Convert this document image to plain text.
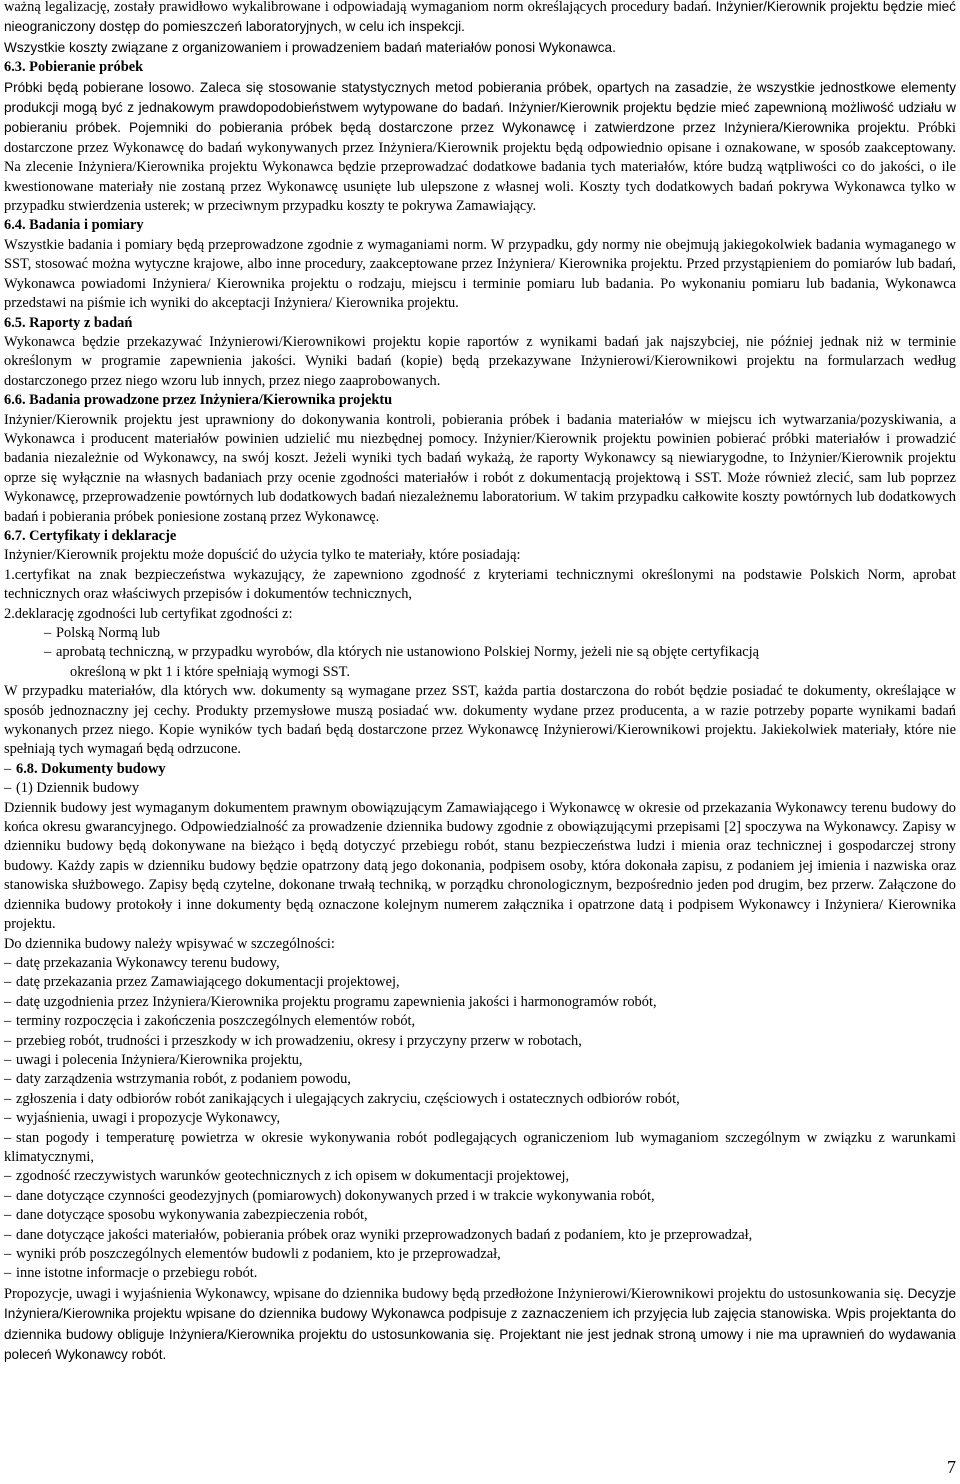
ważną legalizację, zostały prawidłowo wykalibrowane i odpowiadają wymaganiom norm określających procedury badań. Inżynier/Kierownik projektu będzie mieć nieograniczony dostęp do pomieszczeń laboratoryjnych, w celu ich inspekcji.
Wszystkie koszty związane z organizowaniem i prowadzeniem badań materiałów ponosi Wykonawca.

6.3. Pobieranie próbek

Próbki będą pobierane losowo. Zaleca się stosowanie statystycznych metod pobierania próbek, opartych na zasadzie, że wszystkie jednostkowe elementy produkcji mogą być z jednakowym prawdopodobieństwem wytypowane do badań. Inżynier/Kierownik projektu będzie mieć zapewnioną możliwość udziału w pobieraniu próbek. Pojemniki do pobierania próbek będą dostarczone przez Wykonawcę i zatwierdzone przez Inżyniera/Kierownika projektu. Próbki dostarczone przez Wykonawcę do badań wykonywanych przez Inżyniera/Kierownik projektu będą odpowiednio opisane i oznakowane, w sposób zaakceptowany. Na zlecenie Inżyniera/Kierownika projektu Wykonawca będzie przeprowadzać dodatkowe badania tych materiałów, które budzą wątpliwości co do jakości, o ile kwestionowane materiały nie zostaną przez Wykonawcę usunięte lub ulepszone z własnej woli. Koszty tych dodatkowych badań pokrywa Wykonawca tylko w przypadku stwierdzenia usterek; w przeciwnym przypadku koszty te pokrywa Zamawiający.

6.4. Badania i pomiary

Wszystkie badania i pomiary będą przeprowadzone zgodnie z wymaganiami norm. W przypadku, gdy normy nie obejmują jakiegokolwiek badania wymaganego w SST, stosować można wytyczne krajowe, albo inne procedury, zaakceptowane przez Inżyniera/ Kierownika projektu. Przed przystąpieniem do pomiarów lub badań, Wykonawca powiadomi Inżyniera/ Kierownika projektu o rodzaju, miejscu i terminie pomiaru lub badania. Po wykonaniu pomiaru lub badania, Wykonawca przedstawi na piśmie ich wyniki do akceptacji Inżyniera/ Kierownika projektu.

6.5. Raporty z badań

Wykonawca będzie przekazywać Inżynierowi/Kierownikowi projektu kopie raportów z wynikami badań jak najszybciej, nie później jednak niż w terminie określonym w programie zapewnienia jakości. Wyniki badań (kopie) będą przekazywane Inżynierowi/Kierownikowi projektu na formularzach według dostarczonego przez niego wzoru lub innych, przez niego zaaprobowanych.

6.6. Badania prowadzone przez Inżyniera/Kierownika projektu

Inżynier/Kierownik projektu jest uprawniony do dokonywania kontroli, pobierania próbek i badania materiałów w miejscu ich wytwarzania/pozyskiwania, a Wykonawca i producent materiałów powinien udzielić mu niezbędnej pomocy. Inżynier/Kierownik projektu powinien pobierać próbki materiałów i prowadzić badania niezależnie od Wykonawcy, na swój koszt. Jeżeli wyniki tych badań wykażą, że raporty Wykonawcy są niewiarygodne, to Inżynier/Kierownik projektu oprze się wyłącznie na własnych badaniach przy ocenie zgodności materiałów i robót z dokumentacją projektową i SST. Może również zlecić, sam lub poprzez Wykonawcę, przeprowadzenie powtórnych lub dodatkowych badań niezależnemu laboratorium. W takim przypadku całkowite koszty powtórnych lub dodatkowych badań i pobierania próbek poniesione zostaną przez Wykonawcę.

6.7. Certyfikaty i deklaracje

Inżynier/Kierownik projektu może dopuścić do użycia tylko te materiały, które posiadają:

1.certyfikat na znak bezpieczeństwa wykazujący, że zapewniono zgodność z kryteriami technicznymi określonymi na podstawie Polskich Norm, aprobat technicznych oraz właściwych przepisów i dokumentów technicznych,

2.deklarację zgodności lub certyfikat zgodności z:

– Polską Normą lub

– aprobatą techniczną, w przypadku wyrobów, dla których nie ustanowiono Polskiej Normy, jeżeli nie są objęte certyfikacją

określoną w pkt 1 i które spełniają wymogi SST.

W przypadku materiałów, dla których ww. dokumenty są wymagane przez SST, każda partia dostarczona do robót będzie posiadać te dokumenty, określające w sposób jednoznaczny jej cechy. Produkty przemysłowe muszą posiadać ww. dokumenty wydane przez producenta, a w razie potrzeby poparte wynikami badań wykonanych przez niego. Kopie wyników tych badań będą dostarczone przez Wykonawcę Inżynierowi/Kierownikowi projektu. Jakiekolwiek materiały, które nie spełniają tych wymagań będą odrzucone.

– 6.8. Dokumenty budowy

– (1) Dziennik budowy

Dziennik budowy jest wymaganym dokumentem prawnym obowiązującym Zamawiającego i Wykonawcę w okresie od przekazania Wykonawcy terenu budowy do końca okresu gwarancyjnego. Odpowiedzialność za prowadzenie dziennika budowy zgodnie z obowiązującymi przepisami [2] spoczywa na Wykonawcy. Zapisy w dzienniku budowy będą dokonywane na bieżąco i będą dotyczyć przebiegu robót, stanu bezpieczeństwa ludzi i mienia oraz technicznej i gospodarczej strony budowy. Każdy zapis w dzienniku budowy będzie opatrzony datą jego dokonania, podpisem osoby, która dokonała zapisu, z podaniem jej imienia i nazwiska oraz stanowiska służbowego. Zapisy będą czytelne, dokonane trwałą techniką, w porządku chronologicznym, bezpośrednio jeden pod drugim, bez przerw. Załączone do dziennika budowy protokoły i inne dokumenty będą oznaczone kolejnym numerem załącznika i opatrzone datą i podpisem Wykonawcy i Inżyniera/ Kierownika projektu.

Do dziennika budowy należy wpisywać w szczególności:

– datę przekazania Wykonawcy terenu budowy,

– datę przekazania przez Zamawiającego dokumentacji projektowej,

– datę uzgodnienia przez Inżyniera/Kierownika projektu programu zapewnienia jakości i harmonogramów robót,

– terminy rozpoczęcia i zakończenia poszczególnych elementów robót,

– przebieg robót, trudności i przeszkody w ich prowadzeniu, okresy i przyczyny przerw w robotach,

– uwagi i polecenia Inżyniera/Kierownika projektu,

– daty zarządzenia wstrzymania robót, z podaniem powodu,

– zgłoszenia i daty odbiorów robót zanikających i ulegających zakryciu, częściowych i ostatecznych odbiorów robót,

– wyjaśnienia, uwagi i propozycje Wykonawcy,

– stan pogody i temperaturę powietrza w okresie wykonywania robót podlegających ograniczeniom lub wymaganiom szczególnym w związku z warunkami klimatycznymi,

– zgodność rzeczywistych warunków geotechnicznych z ich opisem w dokumentacji projektowej,

– dane dotyczące czynności geodezyjnych (pomiarowych) dokonywanych przed i w trakcie wykonywania robót,

– dane dotyczące sposobu wykonywania zabezpieczenia robót,

– dane dotyczące jakości materiałów, pobierania próbek oraz wyniki przeprowadzonych badań z podaniem, kto je przeprowadzał,

– wyniki prób poszczególnych elementów budowli z podaniem, kto je przeprowadzał,

– inne istotne informacje o przebiegu robót.

Propozycje, uwagi i wyjaśnienia Wykonawcy, wpisane do dziennika budowy będą przedłożone Inżynierowi/Kierownikowi projektu do ustosunkowania się. Decyzje Inżyniera/Kierownika projektu wpisane do dziennika budowy Wykonawca podpisuje z zaznaczeniem ich przyjęcia lub zajęcia stanowiska. Wpis projektanta do dziennika budowy obliguje Inżyniera/Kierownika projektu do ustosunkowania się. Projektant nie jest jednak stroną umowy i nie ma uprawnień do wydawania poleceń Wykonawcy robót.

7
